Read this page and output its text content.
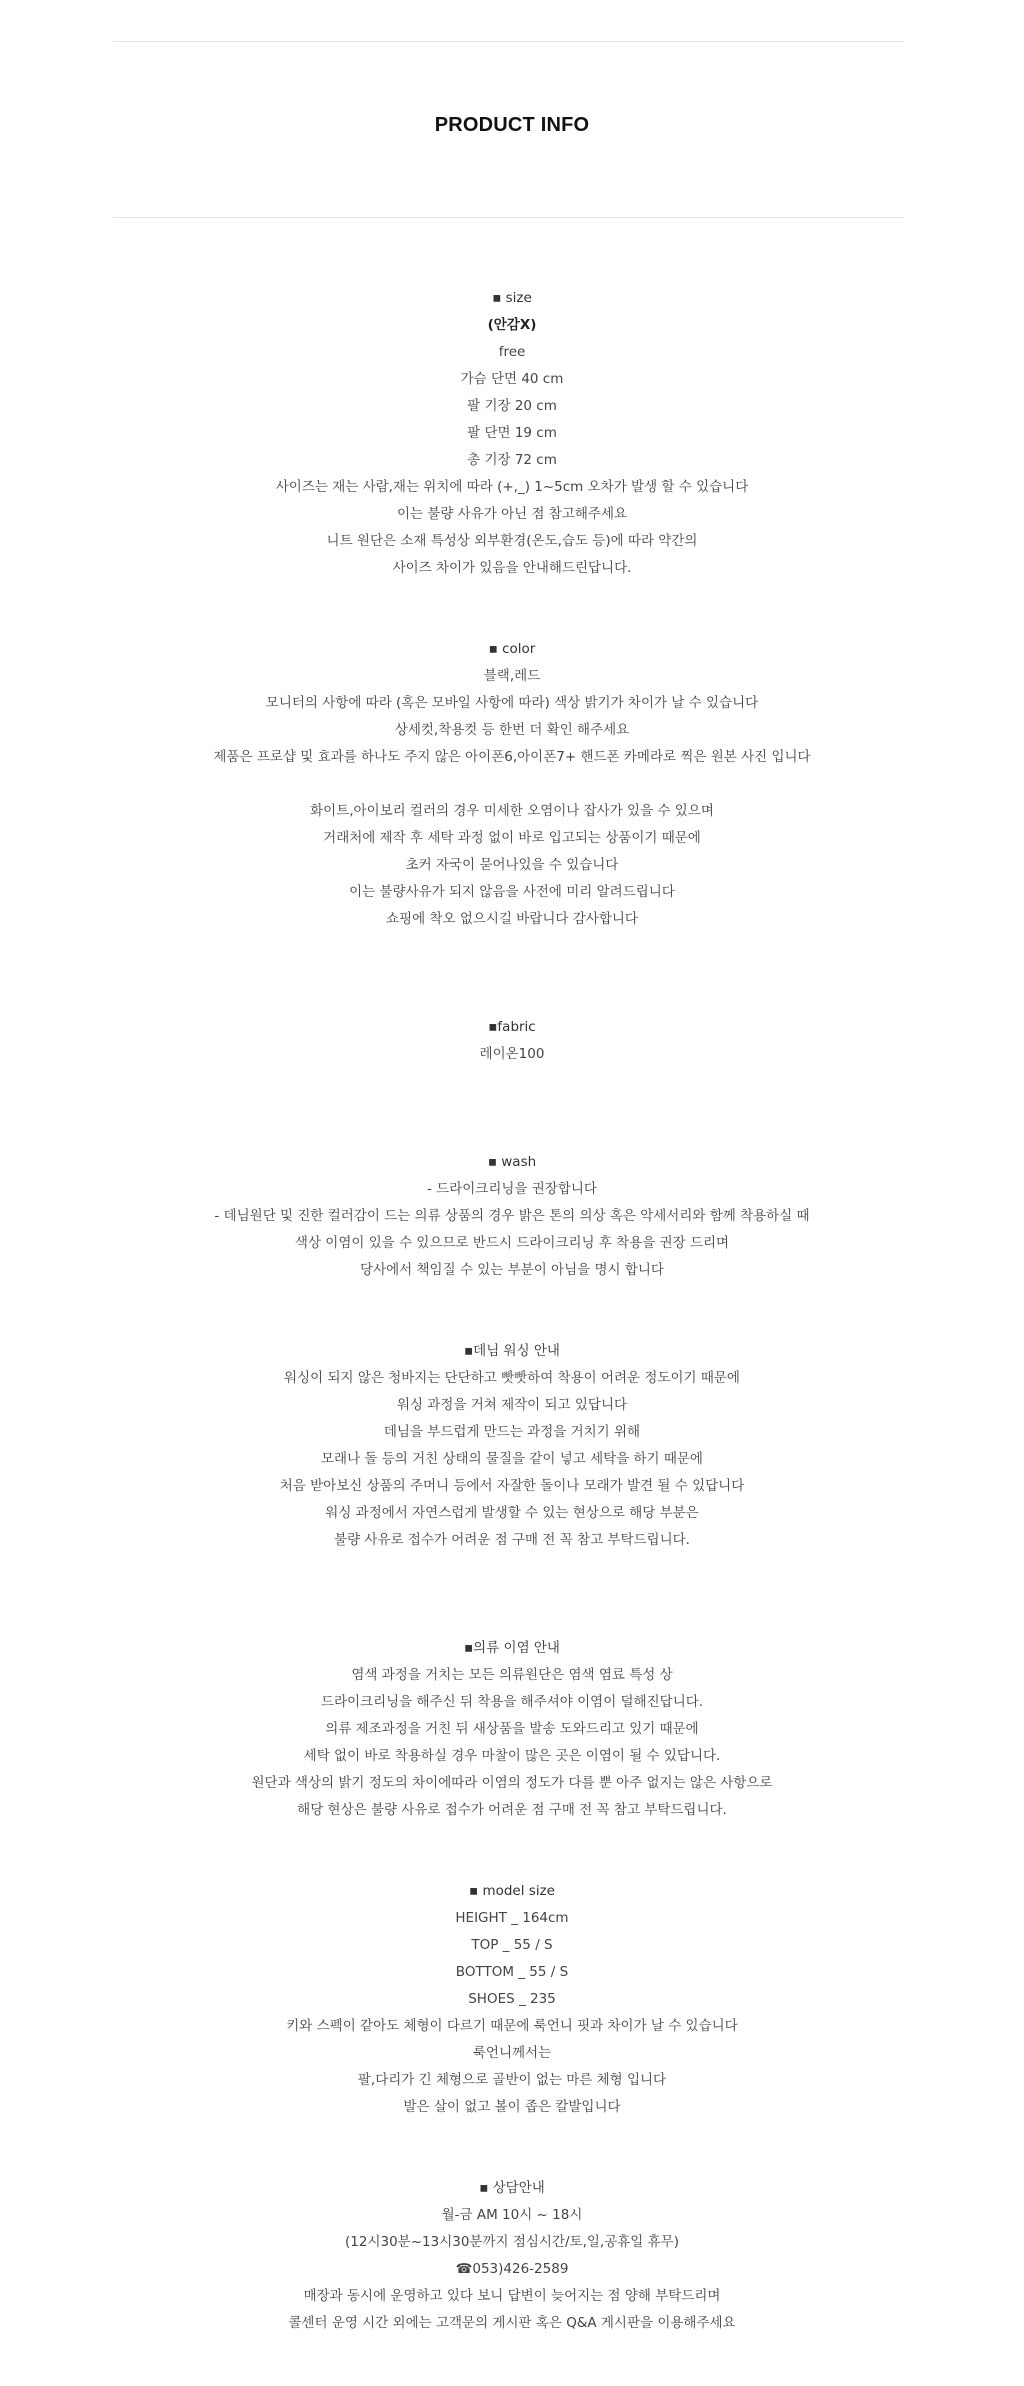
PRODUCT INFO
▪ size
(안감X)
free
가슴 단면 40 cm
팔 기장 20 cm
팔 단면 19 cm
총 기장 72 cm
사이즈는 재는 사람,재는 위치에 따라 (+,_) 1~5cm 오차가 발생 할 수 있습니다
이는 불량 사유가 아닌 점 참고해주세요
니트 원단은 소재 특성상 외부환경(온도,습도 등)에 따라 약간의
사이즈 차이가 있음을 안내해드린답니다.
▪ color
블랙,레드
모니터의 사항에 따라 (혹은 모바일 사항에 따라) 색상 밝기가 차이가 날 수 있습니다
상세컷,착용컷 등 한번 더 확인 해주세요
제품은 프로샵 및 효과를 하나도 주지 않은 아이폰6,아이폰7+ 핸드폰 카메라로 찍은 원본 사진 입니다
화이트,아이보리 컬러의 경우 미세한 오염이나 잡사가 있을 수 있으며
거래처에 제작 후 세탁 과정 없이 바로 입고되는 상품이기 때문에
초커 자국이 묻어나있을 수 있습니다
이는 불량사유가 되지 않음을 사전에 미리 알려드립니다
쇼핑에 착오 없으시길 바랍니다 감사합니다
▪fabric
레이온100
▪ wash
- 드라이크리닝을 권장합니다
- 데님원단 및 진한 컬러감이 드는 의류 상품의 경우 밝은 톤의 의상 혹은 악세서리와 함께 착용하실 때
색상 이염이 있을 수 있으므로 반드시 드라이크리닝 후 착용을 권장 드리며
당사에서 책임질 수 있는 부분이 아님을 명시 합니다
▪데님 워싱 안내
워싱이 되지 않은 청바지는 단단하고 빳빳하여 착용이 어려운 정도이기 때문에
워싱 과정을 거쳐 제작이 되고 있답니다
데님을 부드럽게 만드는 과정을 거치기 위해
모래나 돌 등의 거친 상태의 물질을 같이 넣고 세탁을 하기 때문에
처음 받아보신 상품의 주머니 등에서 자잘한 돌이나 모래가 발견 될 수 있답니다
워싱 과정에서 자연스럽게 발생할 수 있는 현상으로 해당 부분은
불량 사유로 접수가 어려운 점 구매 전 꼭 참고 부탁드립니다.
▪의류 이염 안내
염색 과정을 거치는 모든 의류원단은 염색 염료 특성 상
드라이크리닝을 해주신 뒤 착용을 해주셔야 이염이 덜해진답니다.
의류 제조과정을 거친 뒤 새상품을 발송 도와드리고 있기 때문에
세탁 없이 바로 착용하실 경우 마찰이 많은 곳은 이염이 될 수 있답니다.
원단과 색상의 밝기 정도의 차이에따라 이염의 정도가 다를 뿐 아주 없지는 않은 사항으로
해당 현상은 불량 사유로 접수가 어려운 점 구매 전 꼭 참고 부탁드립니다.
▪ model size
HEIGHT _ 164cm
TOP _ 55 / S
BOTTOM _ 55 / S
SHOES _ 235
키와 스펙이 같아도 체형이 다르기 때문에 룩언니 핏과 차이가 날 수 있습니다
룩언니께서는
팔,다리가 긴 체형으로 골반이 없는 마른 체형 입니다
발은 살이 없고 볼이 좁은 칼발입니다
▪ 상담안내
월-금 AM 10시 ~ 18시
(12시30분~13시30분까지 점심시간/토,일,공휴일 휴무)
☎053)426-2589
매장과 동시에 운영하고 있다 보니 답변이 늦어지는 점 양해 부탁드리며
콜센터 운영 시간 외에는 고객문의 게시판 혹은 Q&A 게시판을 이용해주세요
